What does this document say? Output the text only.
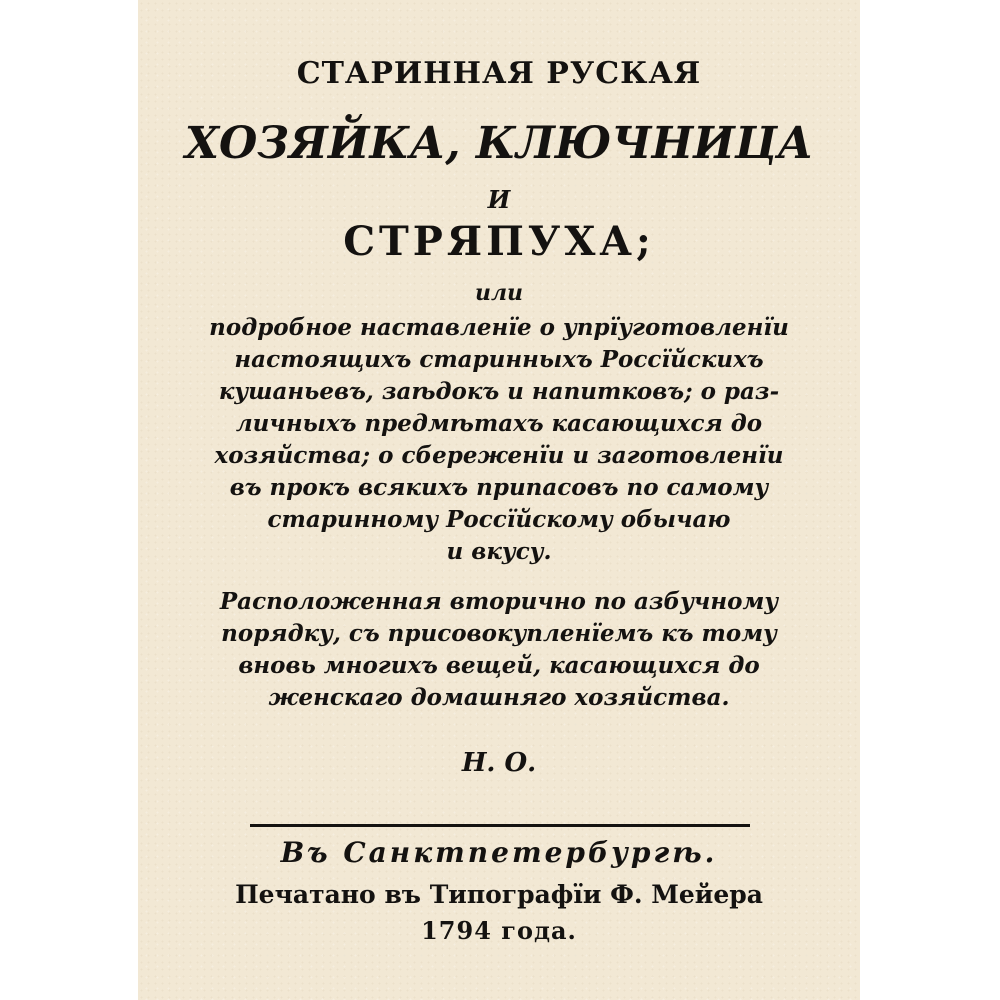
СТАРИННАЯ РУСКАЯ
ХОЗЯЙКА, КЛЮЧНИЦА
И
СТРЯПУХА;
или
подробное наставленїе о упрїуготовленїи
настоящихъ старинныхъ Россїйскихъ
кушаньевъ, заѣдокъ и напитковъ; о раз-
личныхъ предмѣтахъ касающихся до
хозяйства; о сбереженїи и заготовленїи
въ прокъ всякихъ припасовъ по самому
старинному Россїйскому обычаю
и вкусу.
Расположенная вторично по азбучному
порядку, съ присовокупленїемъ къ тому
вновь многихъ вещей, касающихся до
женскаго домашняго хозяйства.
Н. О.
Въ Санктпетербургѣ.
Печатано въ Типографїи Ф. Мейера
1794 года.
